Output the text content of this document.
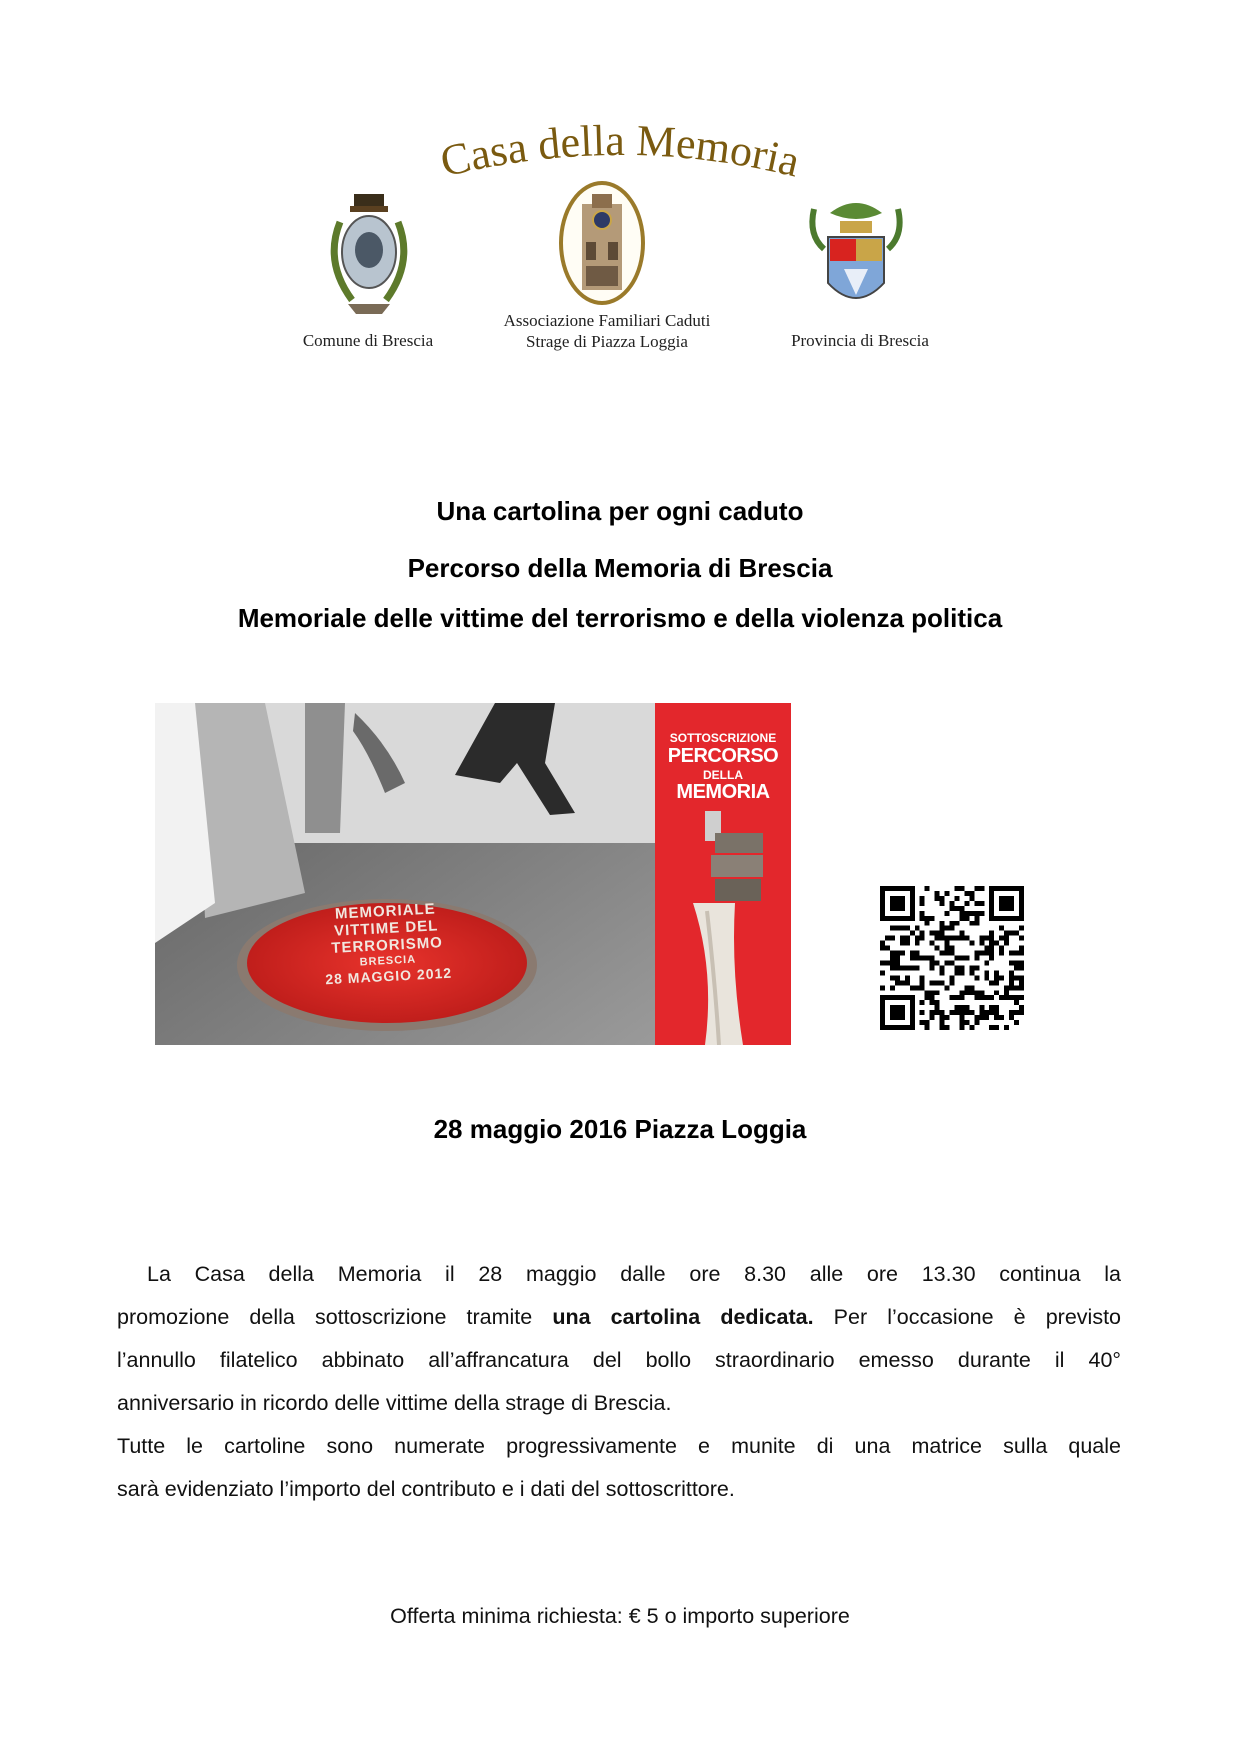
Casa della Memoria
Comune di Brescia
Associazione Familiari Caduti
Strage di Piazza Loggia	Provincia di Brescia
Una cartolina per ogni caduto
Percorso della Memoria di Brescia
Memoriale delle vittime del terrorismo e della violenza politica
MEMORIALE
VITTIME DEL
TERRORISMO
BRESCIA
28 MAGGIO 2012
SOTTOSCRIZIONE
PERCORSO
DELLA
MEMORIA
28 maggio 2016 Piazza Loggia
La Casa della Memoria il 28 maggio dalle ore 8.30 alle ore 13.30 continua la
promozione della sottoscrizione tramite una cartolina dedicata. Per l’occasione è previsto
l’annullo filatelico abbinato all’affrancatura del bollo straordinario emesso durante il 40°
anniversario in ricordo delle vittime della strage di Brescia.
Tutte le cartoline sono numerate progressivamente e munite di una matrice sulla quale
sarà evidenziato l’importo del contributo e i dati del sottoscrittore.
Offerta minima richiesta: € 5 o importo superiore
